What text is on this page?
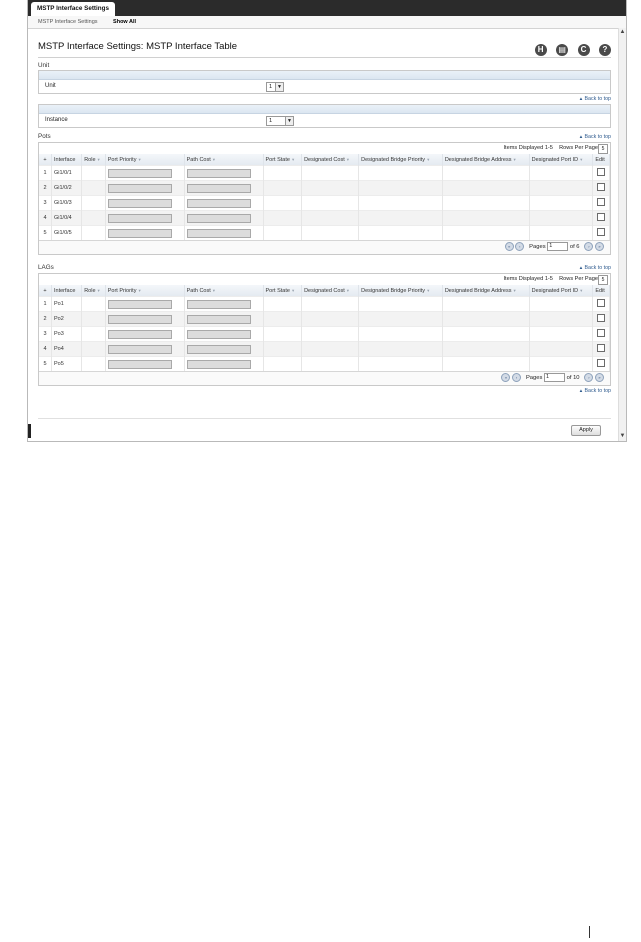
MSTP Interface Settings
MSTP Interface Settings	Show All
MSTP Interface Settings: MSTP Interface Table	H ▤ C ?
Unit
Unit	1 ▼
▲ Back to top
Instance	1	▼
Pots	▲ Back to top
Items Displayed 1-5 Rows Per Page 5
+	Interface	Role ▾	Port Priority ▾	Path Cost ▾	Port State ▾	Designated Cost ▾	Designated Bridge Priority ▾	Designated Bridge Address ▾	Designated Port ID ▾	Edit
1	Gi1/0/1		

2	Gi1/0/2		

3	Gi1/0/3		

4	Gi1/0/4		

5	Gi1/0/5		

« ‹ Pages 1	of 6 › »
LAGs	▲ Back to top
Items Displayed 1-5 Rows Per Page 5
+	Interface	Role ▾	Port Priority ▾	Path Cost ▾	Port State ▾	Designated Cost ▾	Designated Bridge Priority ▾	Designated Bridge Address ▾	Designated Port ID ▾	Edit
1	Po1		

2	Po2		

3	Po3		

4	Po4		

5	Po5		

« ‹ Pages 1	of 10 › »
▲ Back to top
Apply
▲
▼
